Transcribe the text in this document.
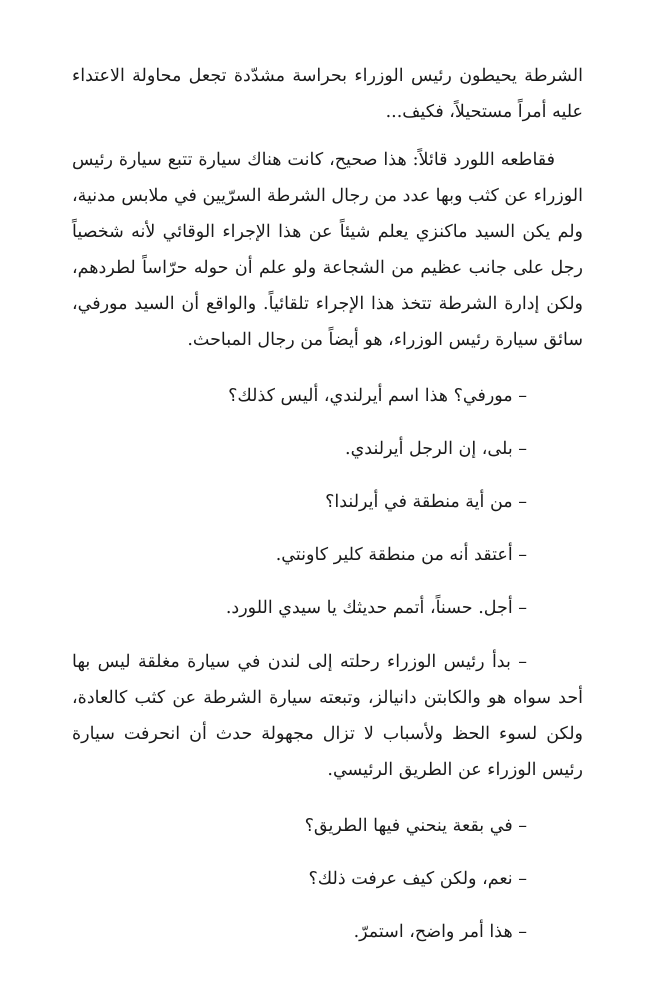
الشرطة يحيطون رئيس الوزراء بحراسة مشدّدة تجعل محاولة الاعتداء عليه أمراً مستحيلاً، فكيف...

فقاطعه اللورد قائلاً: هذا صحيح، كانت هناك سيارة تتبع سيارة رئيس الوزراء عن كثب وبها عدد من رجال الشرطة السرّيين في ملابس مدنية، ولم يكن السيد ماكنزي يعلم شيئاً عن هذا الإجراء الوقائي لأنه شخصياً رجل على جانب عظيم من الشجاعة ولو علم أن حوله حرّاساً لطردهم، ولكن إدارة الشرطة تتخذ هذا الإجراء تلقائياً. والواقع أن السيد مورفي، سائق سيارة رئيس الوزراء، هو أيضاً من رجال المباحث.

– مورفي؟ هذا اسم أيرلندي، أليس كذلك؟

– بلى، إن الرجل أيرلندي.

– من أية منطقة في أيرلندا؟

– أعتقد أنه من منطقة كلير كاونتي.

– أجل. حسناً، أتمم حديثك يا سيدي اللورد.

– بدأ رئيس الوزراء رحلته إلى لندن في سيارة مغلقة ليس بها أحد سواه هو والكابتن دانيالز، وتبعته سيارة الشرطة عن كثب كالعادة، ولكن لسوء الحظ ولأسباب لا تزال مجهولة حدث أن انحرفت سيارة رئيس الوزراء عن الطريق الرئيسي.

– في بقعة ينحني فيها الطريق؟

– نعم، ولكن كيف عرفت ذلك؟

– هذا أمر واضح، استمرّ.
